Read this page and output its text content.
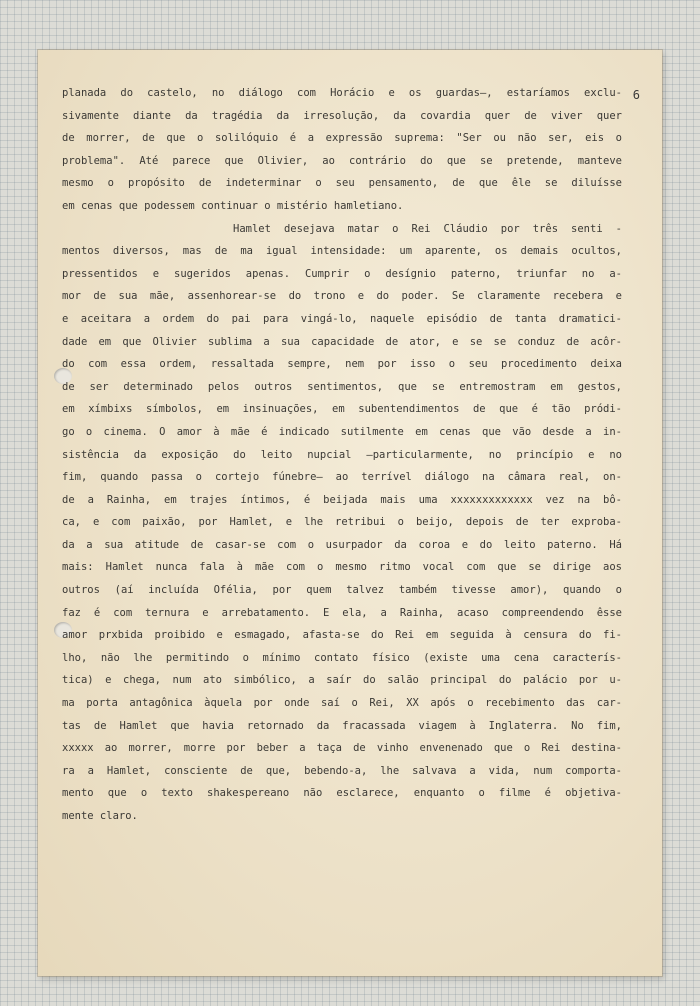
6
planada do castelo, no diálogo com Horácio e os guardas—, estaríamos exclu-
sivamente diante da tragédia da irresolução, da covardia quer de viver quer
de morrer, de que o solilóquio é a expressão suprema: "Ser ou não ser, eis o
problema". Até parece que Olivier, ao contrário do que se pretende, manteve
mesmo o propósito de indeterminar o seu pensamento, de que êle se diluísse
em cenas que podessem continuar o mistério hamletiano.
Hamlet desejava matar o Rei Cláudio por três senti -
mentos diversos, mas de ma igual intensidade: um aparente, os demais ocultos,
pressentidos e sugeridos apenas. Cumprir o desígnio paterno, triunfar no a-
mor de sua mãe, assenhorear-se do trono e do poder. Se claramente recebera e
e aceitara a ordem do pai para vingá-lo, naquele episódio de tanta dramatici-
dade em que Olivier sublima a sua capacidade de ator, e se se conduz de acôr-
do com essa ordem, ressaltada sempre, nem por isso o seu procedimento deixa
de ser determinado pelos outros sentimentos, que se entremostram em gestos,
em xímbixs símbolos, em insinuações, em subentendimentos de que é tão pródi-
go o cinema. O amor à mãe é indicado sutilmente em cenas que vão desde a in-
sistência da exposição do leito nupcial —particularmente, no princípio e no
fim, quando passa o cortejo fúnebre— ao terrível diálogo na câmara real, on-
de a Rainha, em trajes íntimos, é beijada mais uma xxxxxxxxxxxxx vez na bô-
ca, e com paixão, por Hamlet, e lhe retribui o beijo, depois de ter exproba-
da a sua atitude de casar-se com o usurpador da coroa e do leito paterno. Há
mais: Hamlet nunca fala à mãe com o mesmo ritmo vocal com que se dirige aos
outros (aí incluída Ofélia, por quem talvez também tivesse amor), quando o
faz é com ternura e arrebatamento. E ela, a Rainha, acaso compreendendo êsse
amor prxbida proibido e esmagado, afasta-se do Rei em seguida à censura do fi-
lho, não lhe permitindo o mínimo contato físico (existe uma cena caracterís-
tica) e chega, num ato simbólico, a saír do salão principal do palácio por u-
ma porta antagônica àquela por onde saí o Rei, XX após o recebimento das car-
tas de Hamlet que havia retornado da fracassada viagem à Inglaterra. No fim,
xxxxx ao morrer, morre por beber a taça de vinho envenenado que o Rei destina-
ra a Hamlet, consciente de que, bebendo-a, lhe salvava a vida, num comporta-
mento que o texto shakespereano não esclarece, enquanto o filme é objetiva-
mente claro.
